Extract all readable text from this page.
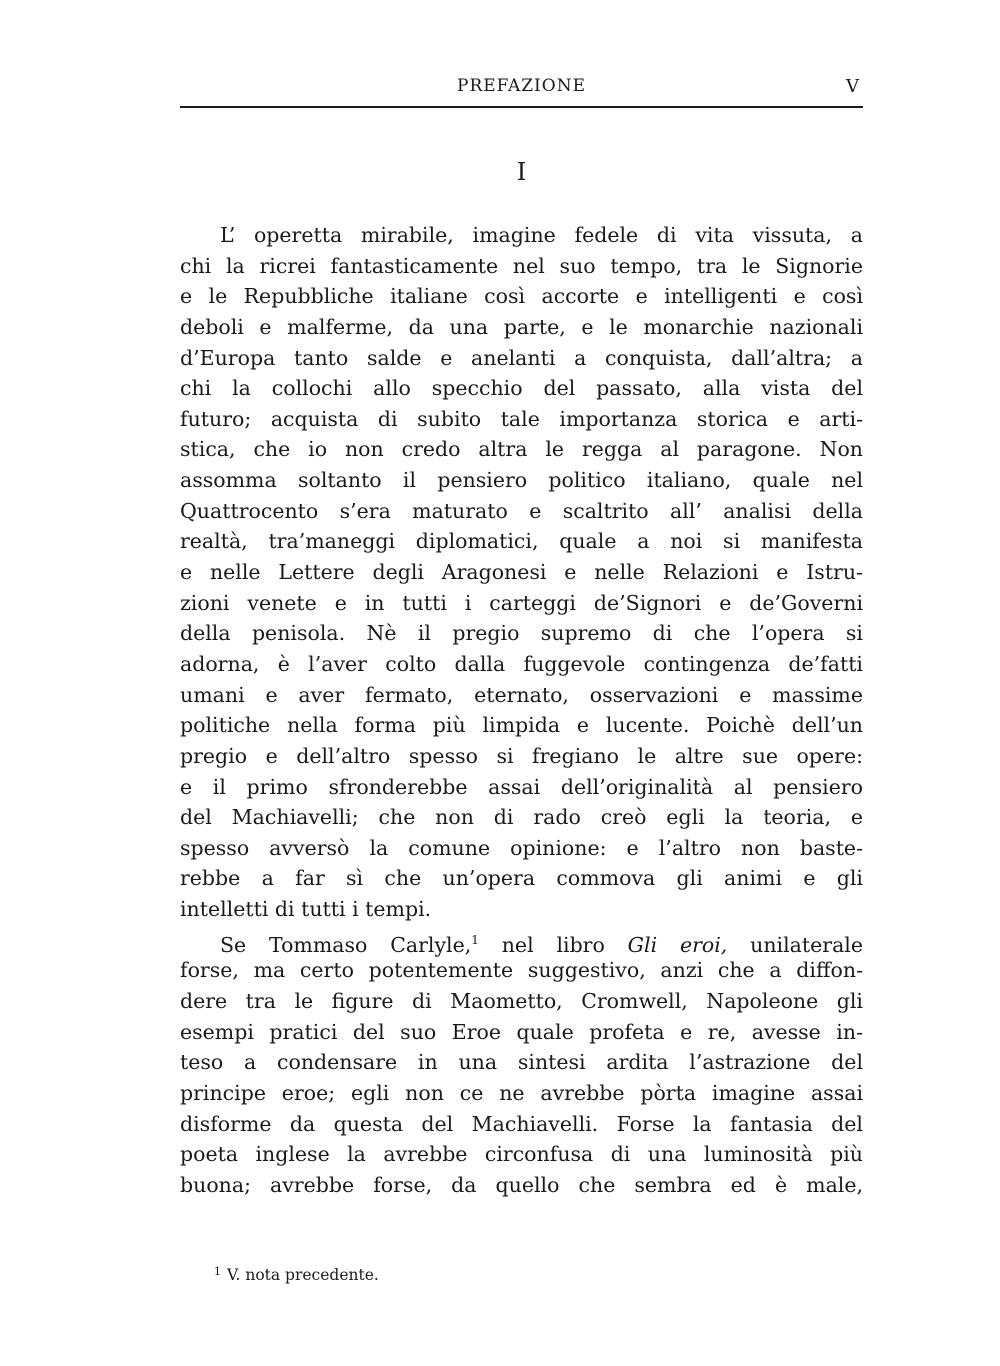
PREFAZIONE	V
I
L’ operetta mirabile, imagine fedele di vita vissuta, a
chi la ricrei fantasticamente nel suo tempo, tra le Signorie
e le Repubbliche italiane così accorte e intelligenti e così
deboli e malferme, da una parte, e le monarchie nazionali
d’Europa tanto salde e anelanti a conquista, dall’altra; a
chi la collochi allo specchio del passato, alla vista del
futuro; acquista di subito tale importanza storica e arti-
stica, che io non credo altra le regga al paragone. Non
assomma soltanto il pensiero politico italiano, quale nel
Quattrocento s’era maturato e scaltrito all’ analisi della
realtà, tra’maneggi diplomatici, quale a noi si manifesta
e nelle Lettere degli Aragonesi e nelle Relazioni e Istru-
zioni venete e in tutti i carteggi de’Signori e de’Governi
della penisola. Nè il pregio supremo di che l’opera si
adorna, è l’aver colto dalla fuggevole contingenza de’fatti
umani e aver fermato, eternato, osservazioni e massime
politiche nella forma più limpida e lucente. Poichè dell’un
pregio e dell’altro spesso si fregiano le altre sue opere:
e il primo sfronderebbe assai dell’originalità al pensiero
del Machiavelli; che non di rado creò egli la teoria, e
spesso avversò la comune opinione: e l’altro non baste-
rebbe a far sì che un’opera commova gli animi e gli
intelletti di tutti i tempi.
Se Tommaso Carlyle,$^1$ nel libro Gli eroi, unilaterale
forse, ma certo potentemente suggestivo, anzi che a diffon-
dere tra le figure di Maometto, Cromwell, Napoleone gli
esempi pratici del suo Eroe quale profeta e re, avesse in-
teso a condensare in una sintesi ardita l’astrazione del
principe eroe; egli non ce ne avrebbe pòrta imagine assai
disforme da questa del Machiavelli. Forse la fantasia del
poeta inglese la avrebbe circonfusa di una luminosità più
buona; avrebbe forse, da quello che sembra ed è male,
$^1$ V. nota precedente.
